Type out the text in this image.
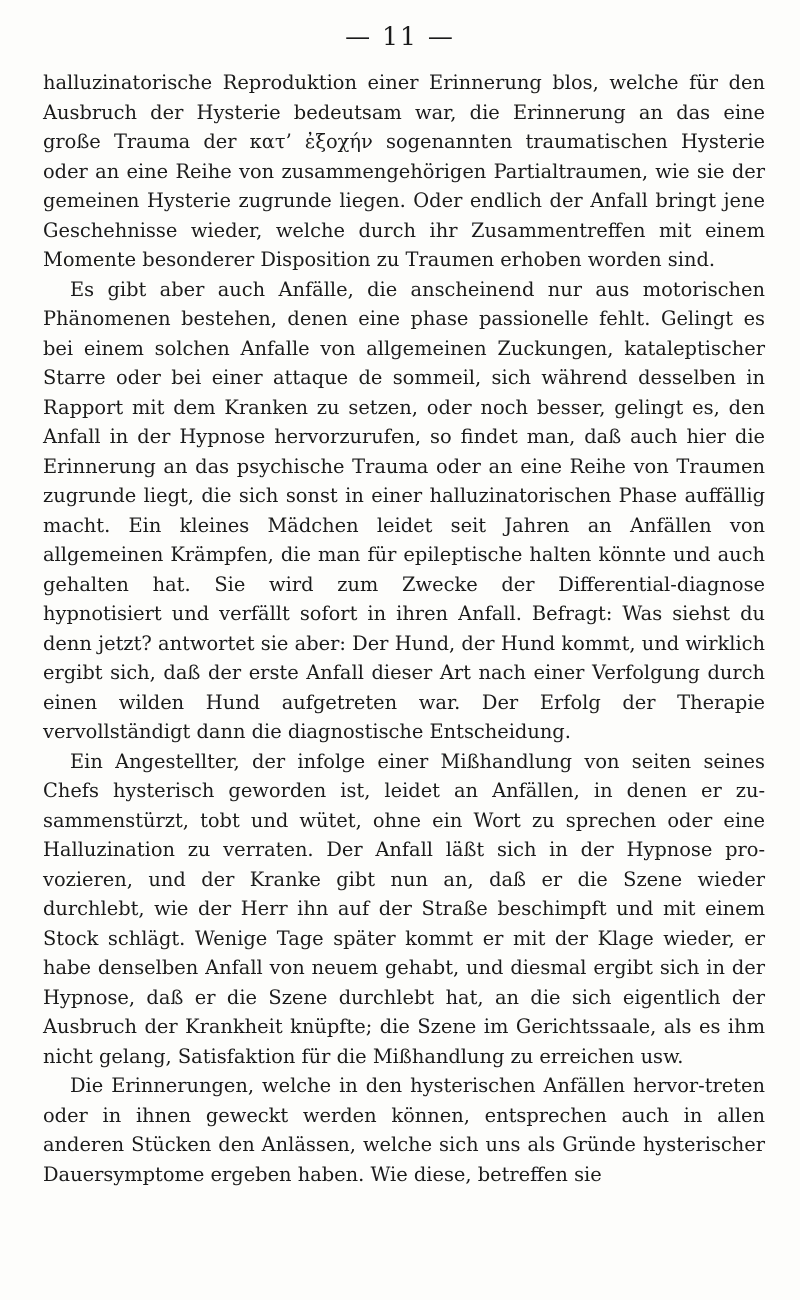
— 11 —

halluzinatorische Reproduktion einer Erinnerung blos, welche für den Ausbruch der Hysterie bedeutsam war, die Erinnerung an das eine große Trauma der κατ’ ἐξοχήν sogenannten traumatischen Hysterie oder an eine Reihe von zusammengehörigen Partialtraumen, wie sie der gemeinen Hysterie zugrunde liegen. Oder endlich der Anfall bringt jene Geschehnisse wieder, welche durch ihr Zusammentreffen mit einem Momente besonderer Disposition zu Traumen erhoben worden sind.

Es gibt aber auch Anfälle, die anscheinend nur aus motorischen Phänomenen bestehen, denen eine phase passionelle fehlt. Gelingt es bei einem solchen Anfalle von allgemeinen Zuckungen, kataleptischer Starre oder bei einer attaque de sommeil, sich während desselben in Rapport mit dem Kranken zu setzen, oder noch besser, gelingt es, den Anfall in der Hypnose hervorzurufen, so findet man, daß auch hier die Erinnerung an das psychische Trauma oder an eine Reihe von Traumen zugrunde liegt, die sich sonst in einer halluzinatorischen Phase auffällig macht. Ein kleines Mädchen leidet seit Jahren an Anfällen von allgemeinen Krämpfen, die man für epileptische halten könnte und auch gehalten hat. Sie wird zum Zwecke der Differential-diagnose hypnotisiert und verfällt sofort in ihren Anfall. Befragt: Was siehst du denn jetzt? antwortet sie aber: Der Hund, der Hund kommt, und wirklich ergibt sich, daß der erste Anfall dieser Art nach einer Verfolgung durch einen wilden Hund aufgetreten war. Der Erfolg der Therapie vervollständigt dann die diagnostische Entscheidung.

Ein Angestellter, der infolge einer Mißhandlung von seiten seines Chefs hysterisch geworden ist, leidet an Anfällen, in denen er zu-sammenstürzt, tobt und wütet, ohne ein Wort zu sprechen oder eine Halluzination zu verraten. Der Anfall läßt sich in der Hypnose pro-vozieren, und der Kranke gibt nun an, daß er die Szene wieder durchlebt, wie der Herr ihn auf der Straße beschimpft und mit einem Stock schlägt. Wenige Tage später kommt er mit der Klage wieder, er habe denselben Anfall von neuem gehabt, und diesmal ergibt sich in der Hypnose, daß er die Szene durchlebt hat, an die sich eigentlich der Ausbruch der Krankheit knüpfte; die Szene im Gerichtssaale, als es ihm nicht gelang, Satisfaktion für die Mißhandlung zu erreichen usw.

Die Erinnerungen, welche in den hysterischen Anfällen hervor-treten oder in ihnen geweckt werden können, entsprechen auch in allen anderen Stücken den Anlässen, welche sich uns als Gründe hysterischer Dauersymptome ergeben haben. Wie diese, betreffen sie
